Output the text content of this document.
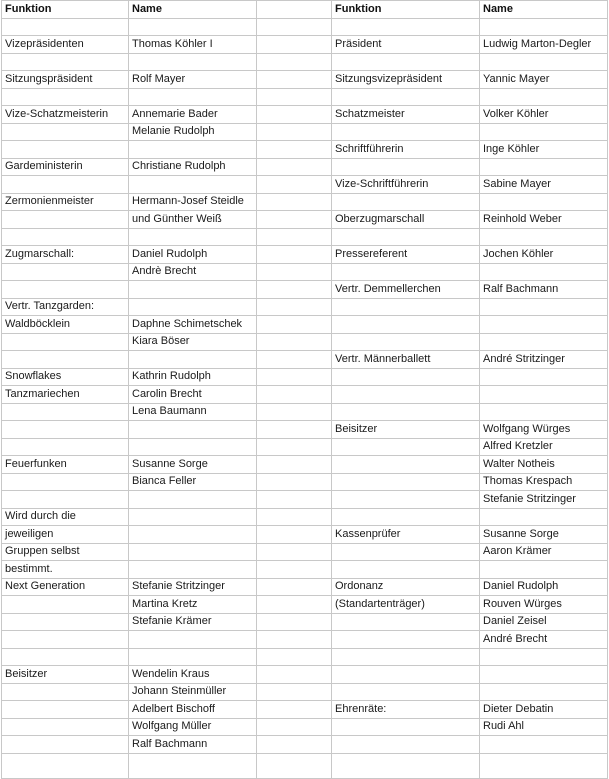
Funktion	Name		Funktion	Name

Vizepräsidenten	Thomas Köhler I		Präsident	Ludwig Marton-Degler

Sitzungspräsident	Rolf Mayer		Sitzungsvizepräsident	Yannic Mayer

Vize-Schatzmeisterin	Annemarie Bader		Schatzmeister	Volker Köhler
	Melanie Rudolph			
			Schriftführerin	Inge Köhler
Gardeministerin	Christiane Rudolph			
			Vize-Schriftführerin	Sabine Mayer
Zermonienmeister	Hermann-Josef Steidle			
	und Günther Weiß		Oberzugmarschall	Reinhold Weber

Zugmarschall:	Daniel Rudolph		Pressereferent	Jochen Köhler
	Andrè Brecht			
			Vertr. Demmellerchen	Ralf Bachmann
Vertr. Tanzgarden:				
Waldböcklein	Daphne Schimetschek			
	Kiara Böser			
			Vertr. Männerballett	André Stritzinger
Snowflakes	Kathrin Rudolph			
Tanzmariechen	Carolin Brecht			
	Lena Baumann			
			Beisitzer	Wolfgang Würges
				Alfred Kretzler
Feuerfunken	Susanne Sorge			Walter Notheis
	Bianca Feller			Thomas Krespach
				Stefanie Stritzinger
Wird durch die				
jeweiligen			Kassenprüfer	Susanne Sorge
Gruppen selbst				Aaron Krämer
bestimmt.				
Next Generation	Stefanie Stritzinger		Ordonanz	Daniel Rudolph
	Martina Kretz		(Standartenträger)	Rouven Würges
	Stefanie Krämer			Daniel Zeisel
				André Brecht

Beisitzer	Wendelin Kraus			
	Johann Steinmüller			
	Adelbert Bischoff		Ehrenräte:	Dieter Debatin
	Wolfgang Müller			Rudi Ahl
	Ralf Bachmann			
